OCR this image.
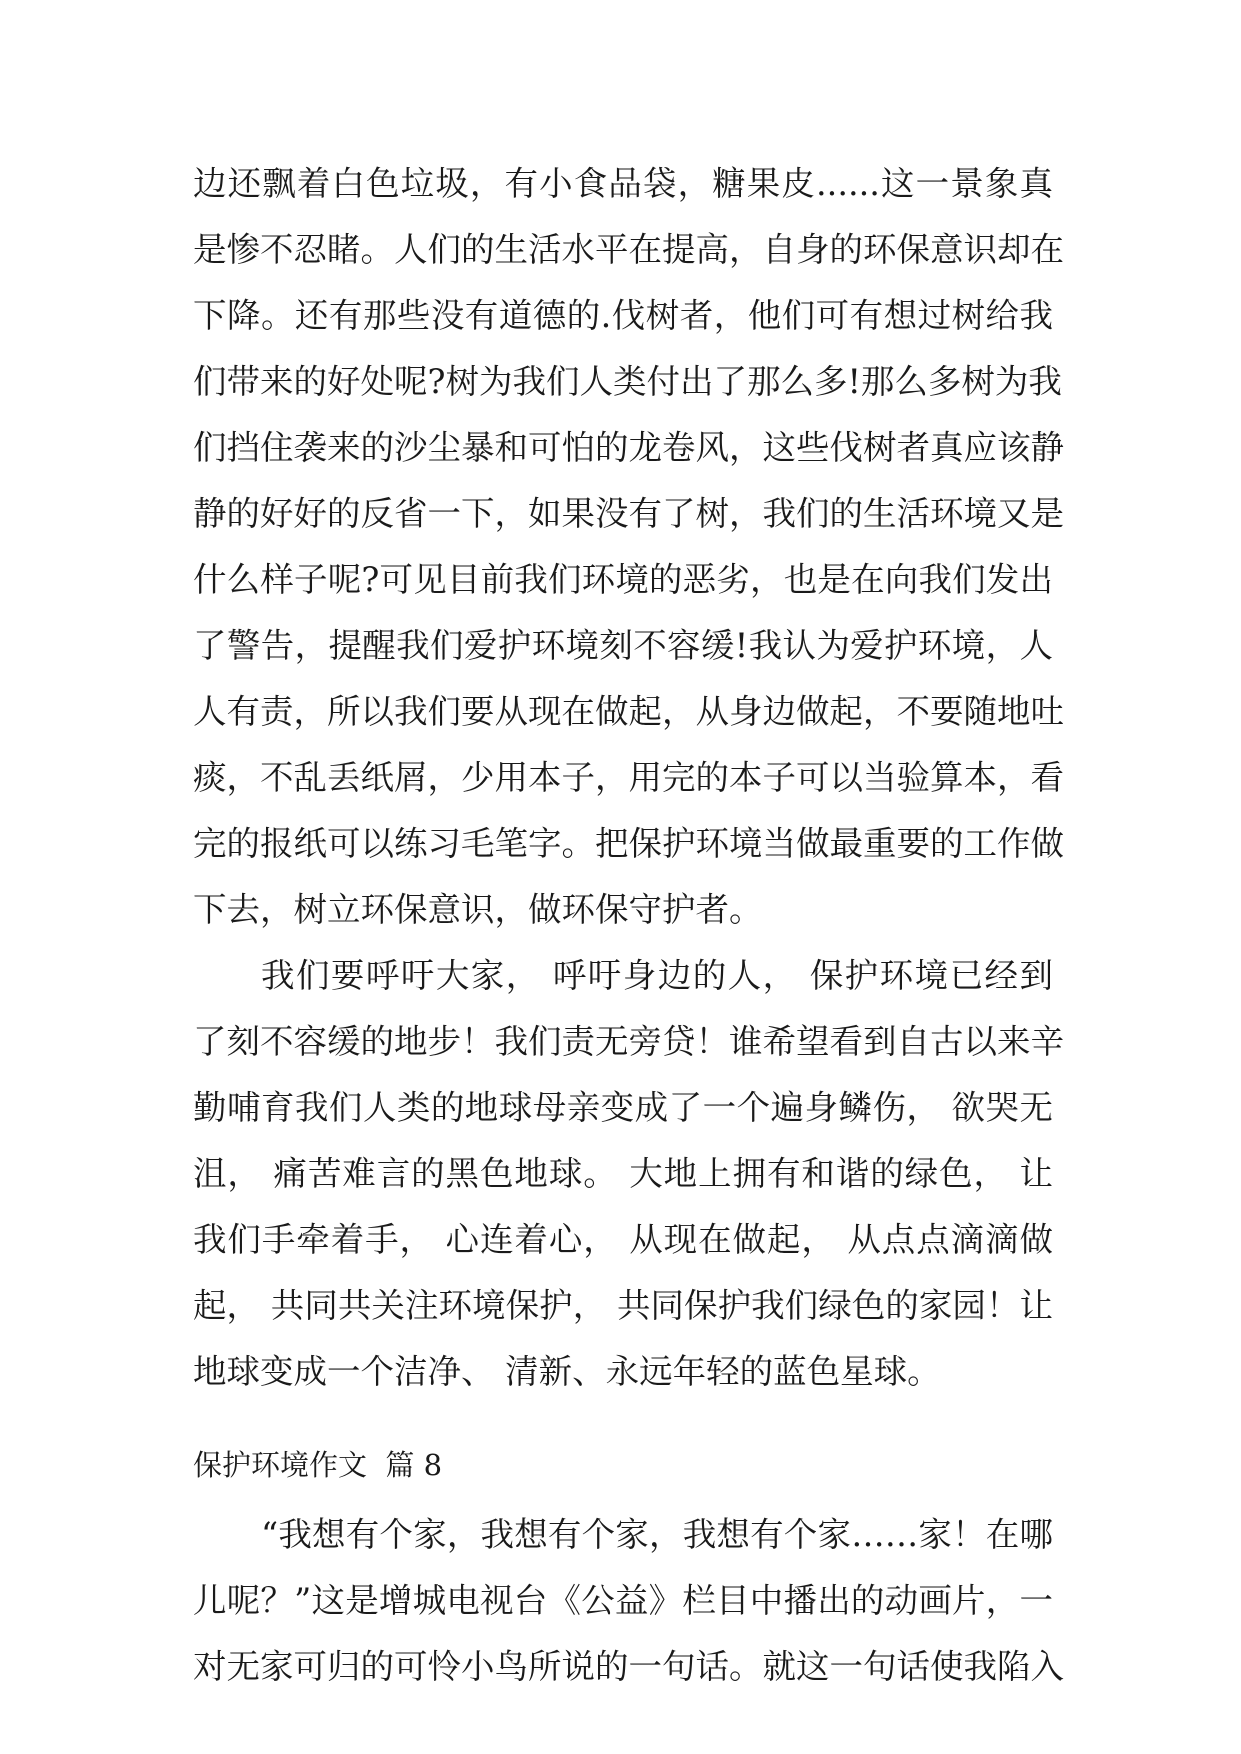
边还飘着白色垃圾，有小食品袋，糖果皮......这一景象真

是惨不忍睹。人们的生活水平在提高，自身的环保意识却在

下降。还有那些没有道德的.伐树者，他们可有想过树给我

们带来的好处呢?树为我们人类付出了那么多!那么多树为我

们挡住袭来的沙尘暴和可怕的龙卷风，这些伐树者真应该静

静的好好的反省一下，如果没有了树，我们的生活环境又是

什么样子呢?可见目前我们环境的恶劣，也是在向我们发出

了警告，提醒我们爱护环境刻不容缓!我认为爱护环境，人

人有责，所以我们要从现在做起，从身边做起，不要随地吐

痰，不乱丢纸屑，少用本子，用完的本子可以当验算本，看

完的报纸可以练习毛笔字。把保护环境当做最重要的工作做

下去，树立环保意识，做环保守护者。

我们要呼吁大家， 呼吁身边的人， 保护环境已经到

了刻不容缓的地步！我们责无旁贷！谁希望看到自古以来辛

勤哺育我们人类的地球母亲变成了一个遍身鳞伤， 欲哭无

沮， 痛苦难言的黑色地球。 大地上拥有和谐的绿色， 让

我们手牵着手， 心连着心， 从现在做起， 从点点滴滴做

起， 共同共关注环境保护， 共同保护我们绿色的家园！让

地球变成一个洁净、 清新、永远年轻的蓝色星球。

保护环境作文  篇 8

“我想有个家，我想有个家，我想有个家……家！在哪

儿呢？”这是增城电视台《公益》栏目中播出的动画片，一

对无家可归的可怜小鸟所说的一句话。就这一句话使我陷入
